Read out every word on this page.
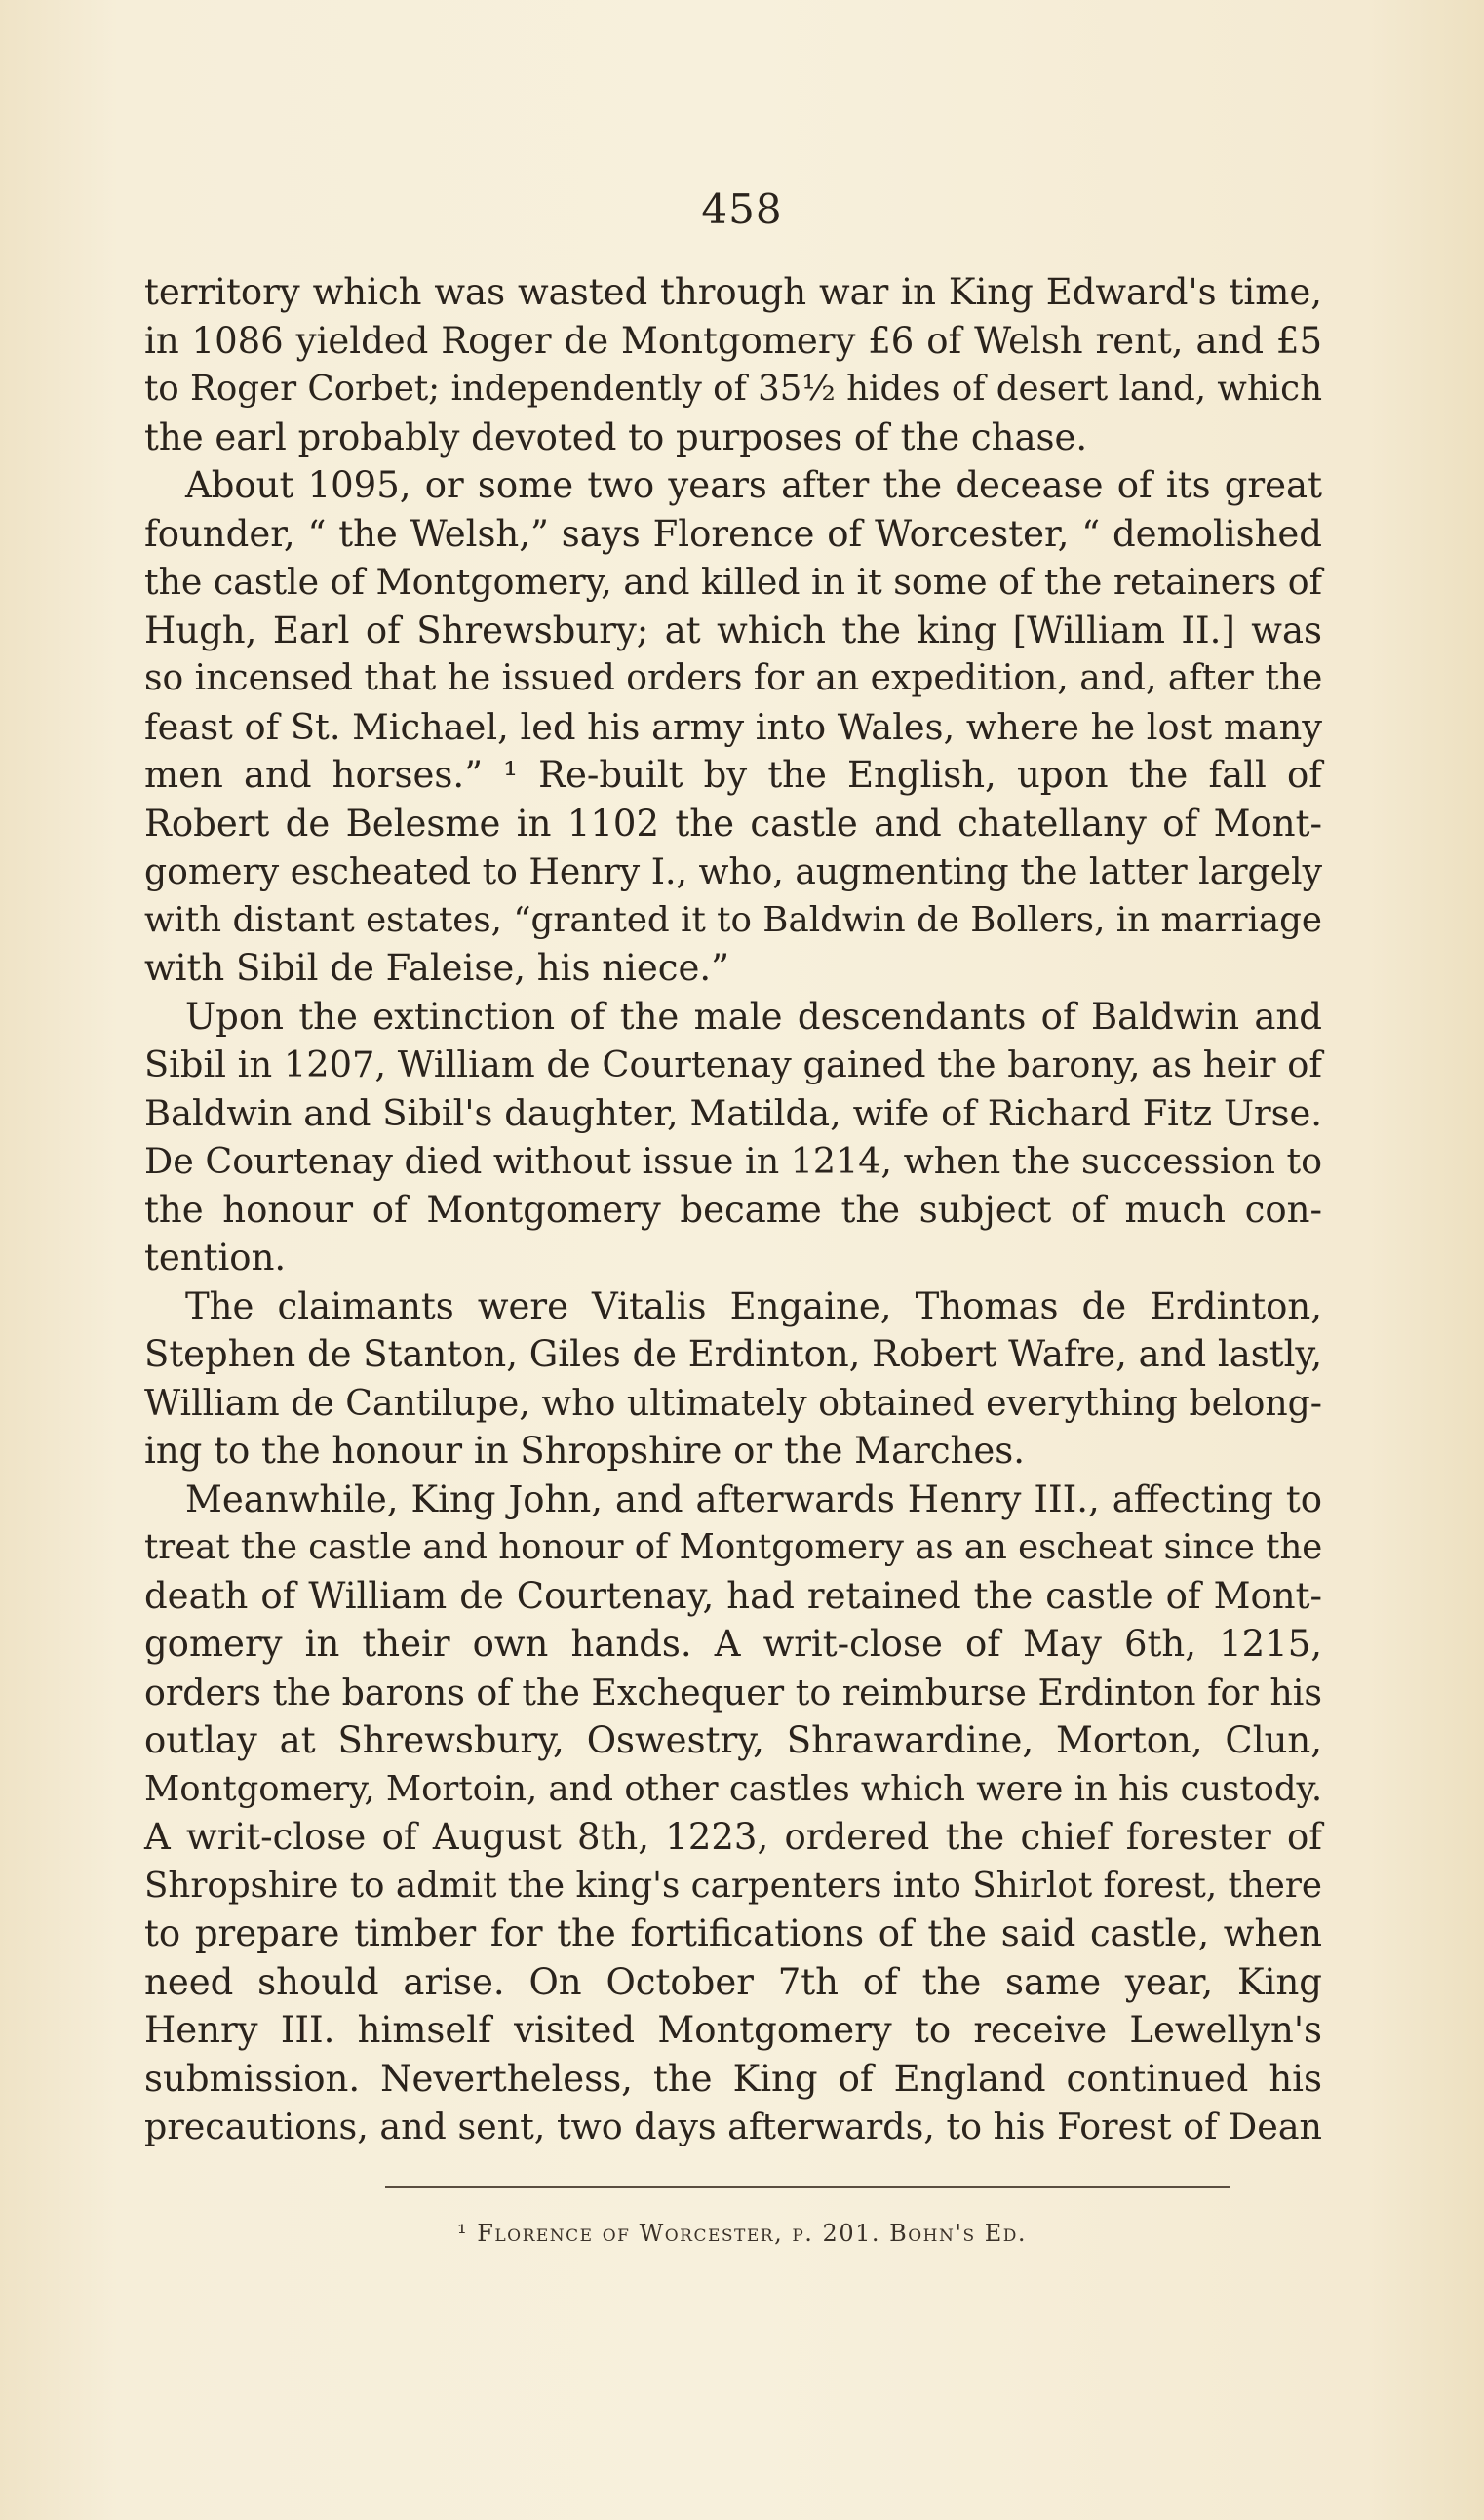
458
territory which was wasted through war in King Edward's time,
in 1086 yielded Roger de Montgomery £6 of Welsh rent, and £5
to Roger Corbet; independently of 35½ hides of desert land, which
the earl probably devoted to purposes of the chase.
About 1095, or some two years after the decease of its great
founder, “ the Welsh,” says Florence of Worcester, “ demolished
the castle of Montgomery, and killed in it some of the retainers of
Hugh, Earl of Shrewsbury; at which the king [William II.] was
so incensed that he issued orders for an expedition, and, after the
feast of St. Michael, led his army into Wales, where he lost many
men and horses.” ¹ Re-built by the English, upon the fall of
Robert de Belesme in 1102 the castle and chatellany of Mont-
gomery escheated to Henry I., who, augmenting the latter largely
with distant estates, “granted it to Baldwin de Bollers, in marriage
with Sibil de Faleise, his niece.”
Upon the extinction of the male descendants of Baldwin and
Sibil in 1207, William de Courtenay gained the barony, as heir of
Baldwin and Sibil's daughter, Matilda, wife of Richard Fitz Urse.
De Courtenay died without issue in 1214, when the succession to
the honour of Montgomery became the subject of much con-
tention.
The claimants were Vitalis Engaine, Thomas de Erdinton,
Stephen de Stanton, Giles de Erdinton, Robert Wafre, and lastly,
William de Cantilupe, who ultimately obtained everything belong-
ing to the honour in Shropshire or the Marches.
Meanwhile, King John, and afterwards Henry III., affecting to
treat the castle and honour of Montgomery as an escheat since the
death of William de Courtenay, had retained the castle of Mont-
gomery in their own hands. A writ-close of May 6th, 1215,
orders the barons of the Exchequer to reimburse Erdinton for his
outlay at Shrewsbury, Oswestry, Shrawardine, Morton, Clun,
Montgomery, Mortoin, and other castles which were in his custody.
A writ-close of August 8th, 1223, ordered the chief forester of
Shropshire to admit the king's carpenters into Shirlot forest, there
to prepare timber for the fortifications of the said castle, when
need should arise. On October 7th of the same year, King
Henry III. himself visited Montgomery to receive Lewellyn's
submission. Nevertheless, the King of England continued his
precautions, and sent, two days afterwards, to his Forest of Dean
¹ Florence of Worcester, p. 201. Bohn's Ed.
